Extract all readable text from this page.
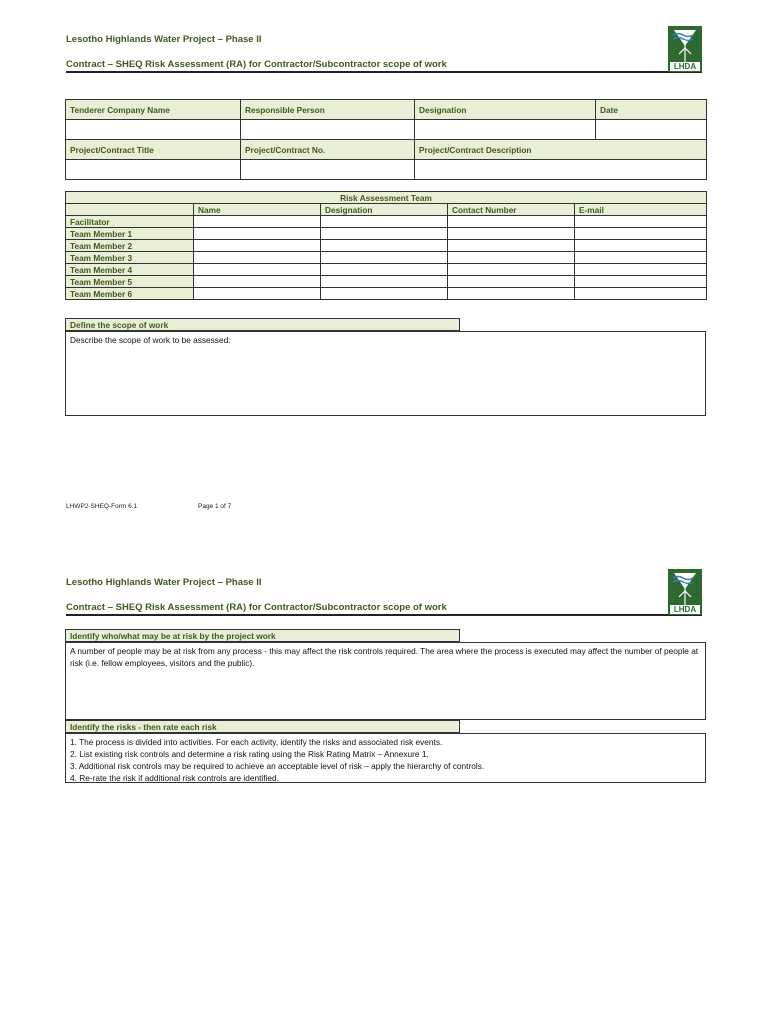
Lesotho Highlands Water Project – Phase II
Contract – SHEQ Risk Assessment (RA) for Contractor/Subcontractor scope of work	LHDA
Tenderer Company Name	Responsible Person	Designation	Date

Project/Contract Title	Project/Contract No.	Project/Contract Description	

Risk Assessment Team				
	Name	Designation	Contact Number	E-mail
Facilitator				
Team Member 1				
Team Member 2				
Team Member 3				
Team Member 4				
Team Member 5				
Team Member 6				
Define the scope of work

Describe the scope of work to be assessed:

LHWP2-SHEQ-Form 6.1	Page 1 of 7
Lesotho Highlands Water Project – Phase II
Contract – SHEQ Risk Assessment (RA) for Contractor/Subcontractor scope of work	LHDA
Identify who/what may be at risk by the project work

A number of people may be at risk from any process - this may affect the risk controls required. The area where the process is executed may affect the number of people at risk (i.e. fellow employees, visitors and the public).

Identify the risks - then rate each risk

1. The process is divided into activities. For each activity, identify the risks and associated risk events.

2. List existing risk controls and determine a risk rating using the Risk Rating Matrix – Annexure 1.

3. Additional risk controls may be required to achieve an acceptable level of risk – apply the hierarchy of controls.

4. Re-rate the risk if additional risk controls are identified.
